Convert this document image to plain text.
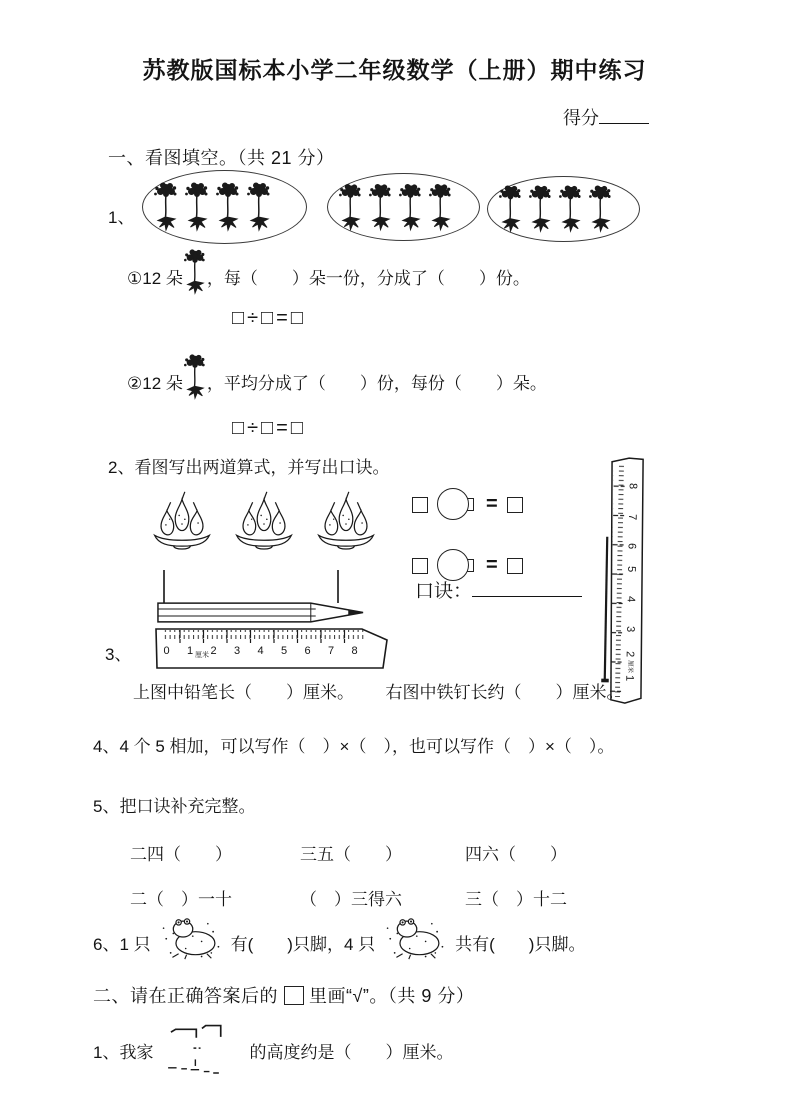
苏教版国标本小学二年级数学（上册）期中练习
得分
一、看图填空。（共 21 分）
1、
①12 朵 ，每（　　）朵一份，分成了（　　）份。
□÷□=□
②12 朵 ，平均分成了（　　）份，每份（　　）朵。
□÷□=□
2、看图写出两道算式，并写出口诀。
=
=
口诀：
8
7
6
5
4
3
2
厘米
1
3、	0 1 厘米 2 3 4 5 6 7 8
上图中铅笔长（　　）厘米。 右图中铁钉长约（　　）厘米。
4、4 个 5 相加，可以写作（　）×（　），也可以写作（　）×（　）。
5、把口诀补充完整。
二四（　　）	三五（　　）	四六（　　）
二（　）一十	（　）三得六	三（　）十二
6、1 只	有(　　)只脚，4 只	共有(　　)只脚。
二、请在正确答案后的 里画“√”。（共 9 分）
1、我家	的高度约是（　　）厘米。
